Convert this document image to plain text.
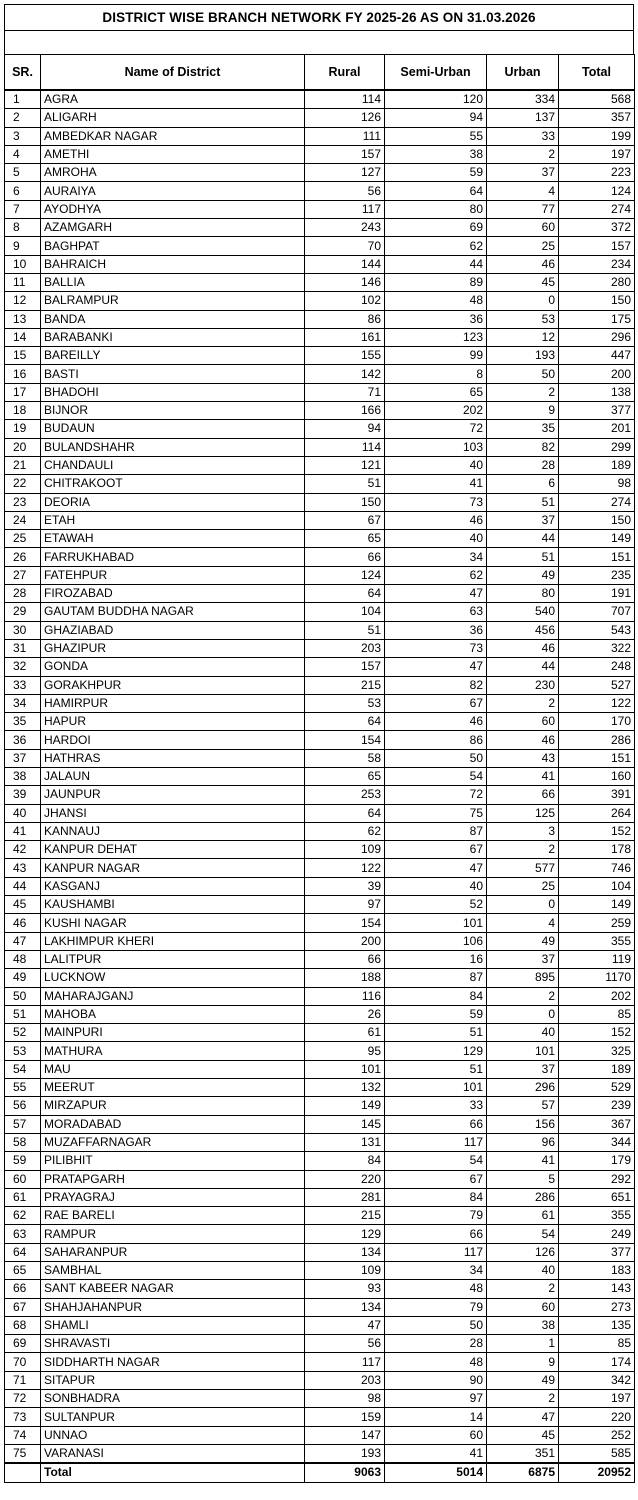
DISTRICT WISE BRANCH NETWORK FY 2025-26 AS ON 31.03.2026
SR.	Name of District	Rural	Semi-Urban	Urban	Total
1	AGRA	114	120	334	568
2	ALIGARH	126	94	137	357
3	AMBEDKAR NAGAR	111	55	33	199
4	AMETHI	157	38	2	197
5	AMROHA	127	59	37	223
6	AURAIYA	56	64	4	124
7	AYODHYA	117	80	77	274
8	AZAMGARH	243	69	60	372
9	BAGHPAT	70	62	25	157
10	BAHRAICH	144	44	46	234
11	BALLIA	146	89	45	280
12	BALRAMPUR	102	48	0	150
13	BANDA	86	36	53	175
14	BARABANKI	161	123	12	296
15	BAREILLY	155	99	193	447
16	BASTI	142	8	50	200
17	BHADOHI	71	65	2	138
18	BIJNOR	166	202	9	377
19	BUDAUN	94	72	35	201
20	BULANDSHAHR	114	103	82	299
21	CHANDAULI	121	40	28	189
22	CHITRAKOOT	51	41	6	98
23	DEORIA	150	73	51	274
24	ETAH	67	46	37	150
25	ETAWAH	65	40	44	149
26	FARRUKHABAD	66	34	51	151
27	FATEHPUR	124	62	49	235
28	FIROZABAD	64	47	80	191
29	GAUTAM BUDDHA NAGAR	104	63	540	707
30	GHAZIABAD	51	36	456	543
31	GHAZIPUR	203	73	46	322
32	GONDA	157	47	44	248
33	GORAKHPUR	215	82	230	527
34	HAMIRPUR	53	67	2	122
35	HAPUR	64	46	60	170
36	HARDOI	154	86	46	286
37	HATHRAS	58	50	43	151
38	JALAUN	65	54	41	160
39	JAUNPUR	253	72	66	391
40	JHANSI	64	75	125	264
41	KANNAUJ	62	87	3	152
42	KANPUR DEHAT	109	67	2	178
43	KANPUR NAGAR	122	47	577	746
44	KASGANJ	39	40	25	104
45	KAUSHAMBI	97	52	0	149
46	KUSHI NAGAR	154	101	4	259
47	LAKHIMPUR KHERI	200	106	49	355
48	LALITPUR	66	16	37	119
49	LUCKNOW	188	87	895	1170
50	MAHARAJGANJ	116	84	2	202
51	MAHOBA	26	59	0	85
52	MAINPURI	61	51	40	152
53	MATHURA	95	129	101	325
54	MAU	101	51	37	189
55	MEERUT	132	101	296	529
56	MIRZAPUR	149	33	57	239
57	MORADABAD	145	66	156	367
58	MUZAFFARNAGAR	131	117	96	344
59	PILIBHIT	84	54	41	179
60	PRATAPGARH	220	67	5	292
61	PRAYAGRAJ	281	84	286	651
62	RAE BARELI	215	79	61	355
63	RAMPUR	129	66	54	249
64	SAHARANPUR	134	117	126	377
65	SAMBHAL	109	34	40	183
66	SANT KABEER NAGAR	93	48	2	143
67	SHAHJAHANPUR	134	79	60	273
68	SHAMLI	47	50	38	135
69	SHRAVASTI	56	28	1	85
70	SIDDHARTH NAGAR	117	48	9	174
71	SITAPUR	203	90	49	342
72	SONBHADRA	98	97	2	197
73	SULTANPUR	159	14	47	220
74	UNNAO	147	60	45	252
75	VARANASI	193	41	351	585
	Total	9063	5014	6875	20952
